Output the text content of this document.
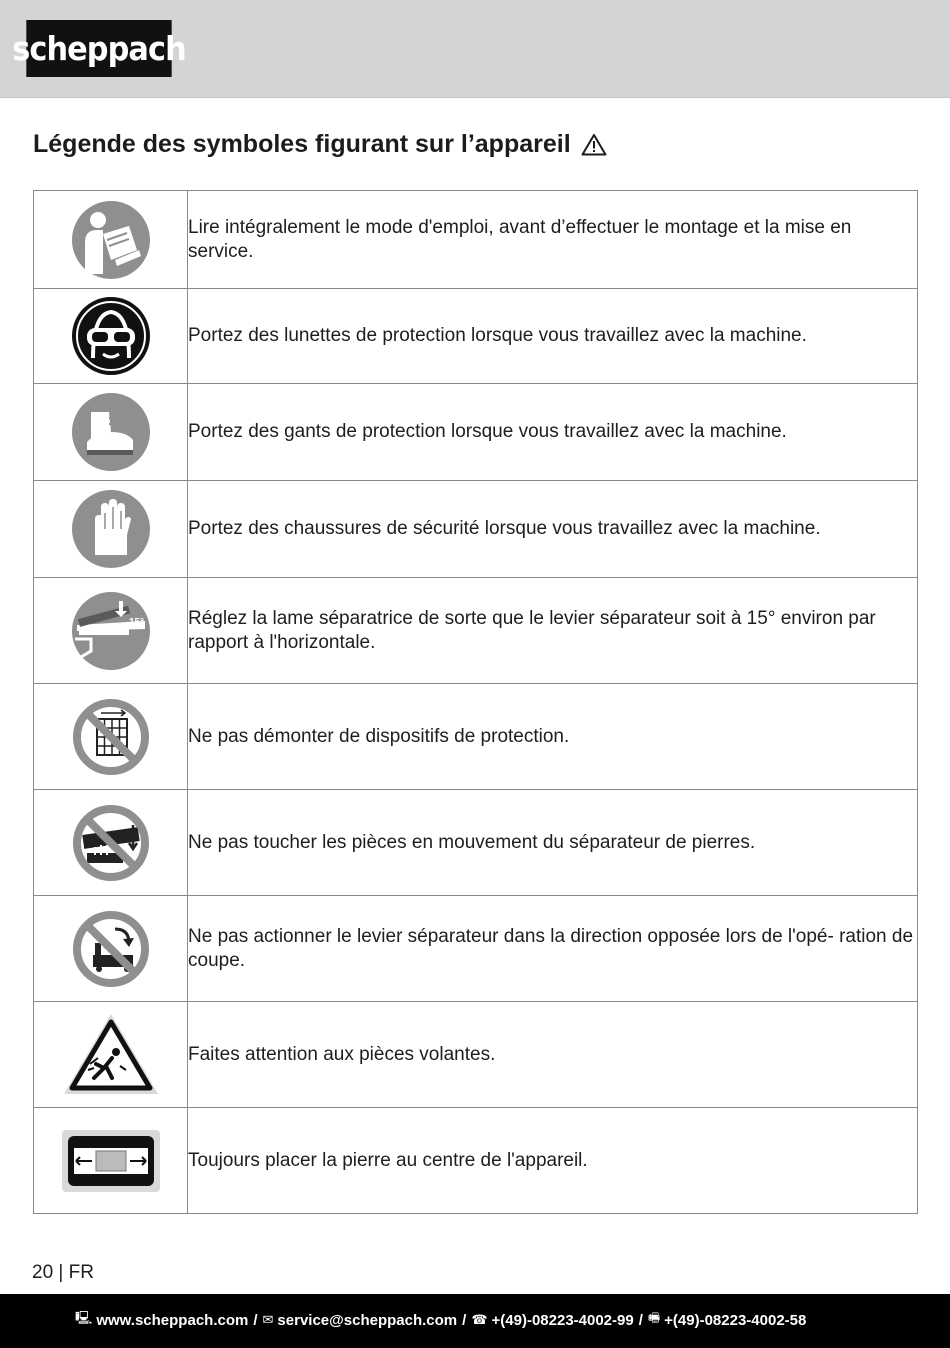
scheppach
Légende des symboles figurant sur l’appareil

Lire intégralement le mode d'emploi, avant d’effectuer le montage et la mise en service.

Portez des lunettes de protection lorsque vous travaillez avec la machine.

Portez des gants de protection lorsque vous travaillez avec la machine.

Portez des chaussures de sécurité lorsque vous travaillez avec la machine.

15°	Réglez la lame séparatrice de sorte que le levier séparateur soit à 15° environ par rapport à l'horizontale.

Ne pas démonter de dispositifs de protection.

Ne pas toucher les pièces en mouvement du séparateur de pierres.

Ne pas actionner le levier séparateur dans la direction opposée lors de l'opé- ration de coupe.

Faites attention aux pièces volantes.

Toujours placer la pierre au centre de l'appareil.
20 | FR
🖳 www.scheppach.com / ✉ service@scheppach.com / ☎ +(49)-08223-4002-99 / 🖷 +(49)-08223-4002-58
